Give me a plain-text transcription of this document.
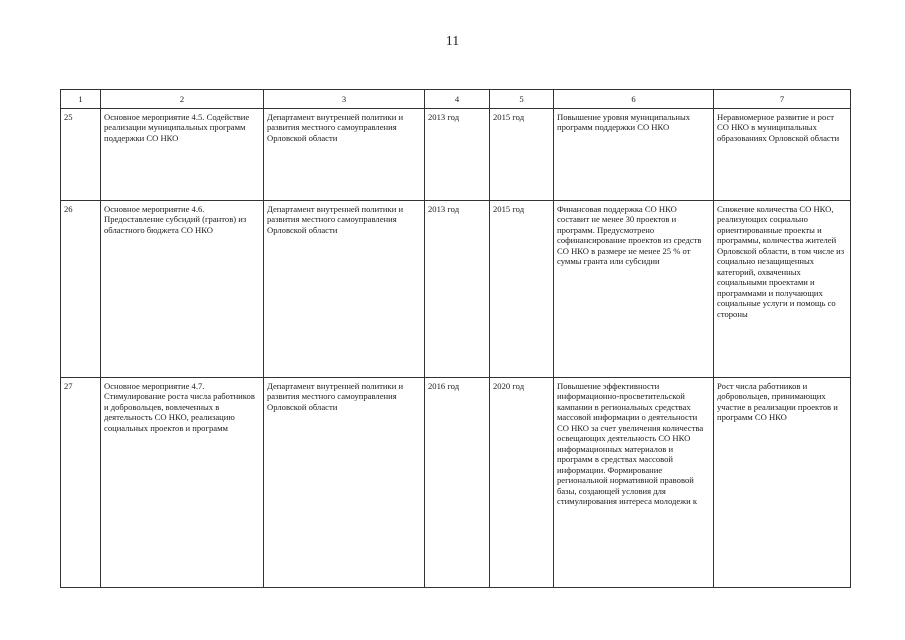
11
1	2	3	4	5	6	7
25	Основное мероприятие 4.5. Содействие реализации муниципальных программ поддержки СО НКО	Департамент внутренней политики и развития местного самоуправления Орловской области	2013 год	2015 год	Повышение уровня муниципальных программ поддержки СО НКО	Неравномерное развитие и рост СО НКО в муниципальных образованиях Орловской области
26	Основное мероприятие 4.6. Предоставление субсидий (грантов) из областного бюджета СО НКО	Департамент внутренней политики и развития местного самоуправления Орловской области	2013 год	2015 год	Финансовая поддержка СО НКО составит не менее 30 проектов и программ. Предусмотрено софинансирование проектов из средств СО НКО в размере не менее 25 % от суммы гранта или субсидии	Снижение количества СО НКО, реализующих социально ориентированные проекты и программы, количества жителей Орловской области, в том числе из социально незащищенных категорий, охваченных социальными проектами и программами и получающих социальные услуги и помощь со стороны
27	Основное мероприятие 4.7. Стимулирование роста числа работников и добровольцев, вовлеченных в деятельность СО НКО, реализацию социальных проектов и программ	Департамент внутренней политики и развития местного самоуправления Орловской области	2016 год	2020 год	Повышение эффективности информационно-просветительской кампании в региональных средствах массовой информации о деятельности СО НКО за счет увеличения количества освещающих деятельность СО НКО информационных материалов и программ в средствах массовой информации. Формирование региональной нормативной правовой базы, создающей условия для стимулирования интереса молодежи к	Рост числа работников и добровольцев, принимающих участие в реализации проектов и программ СО НКО
